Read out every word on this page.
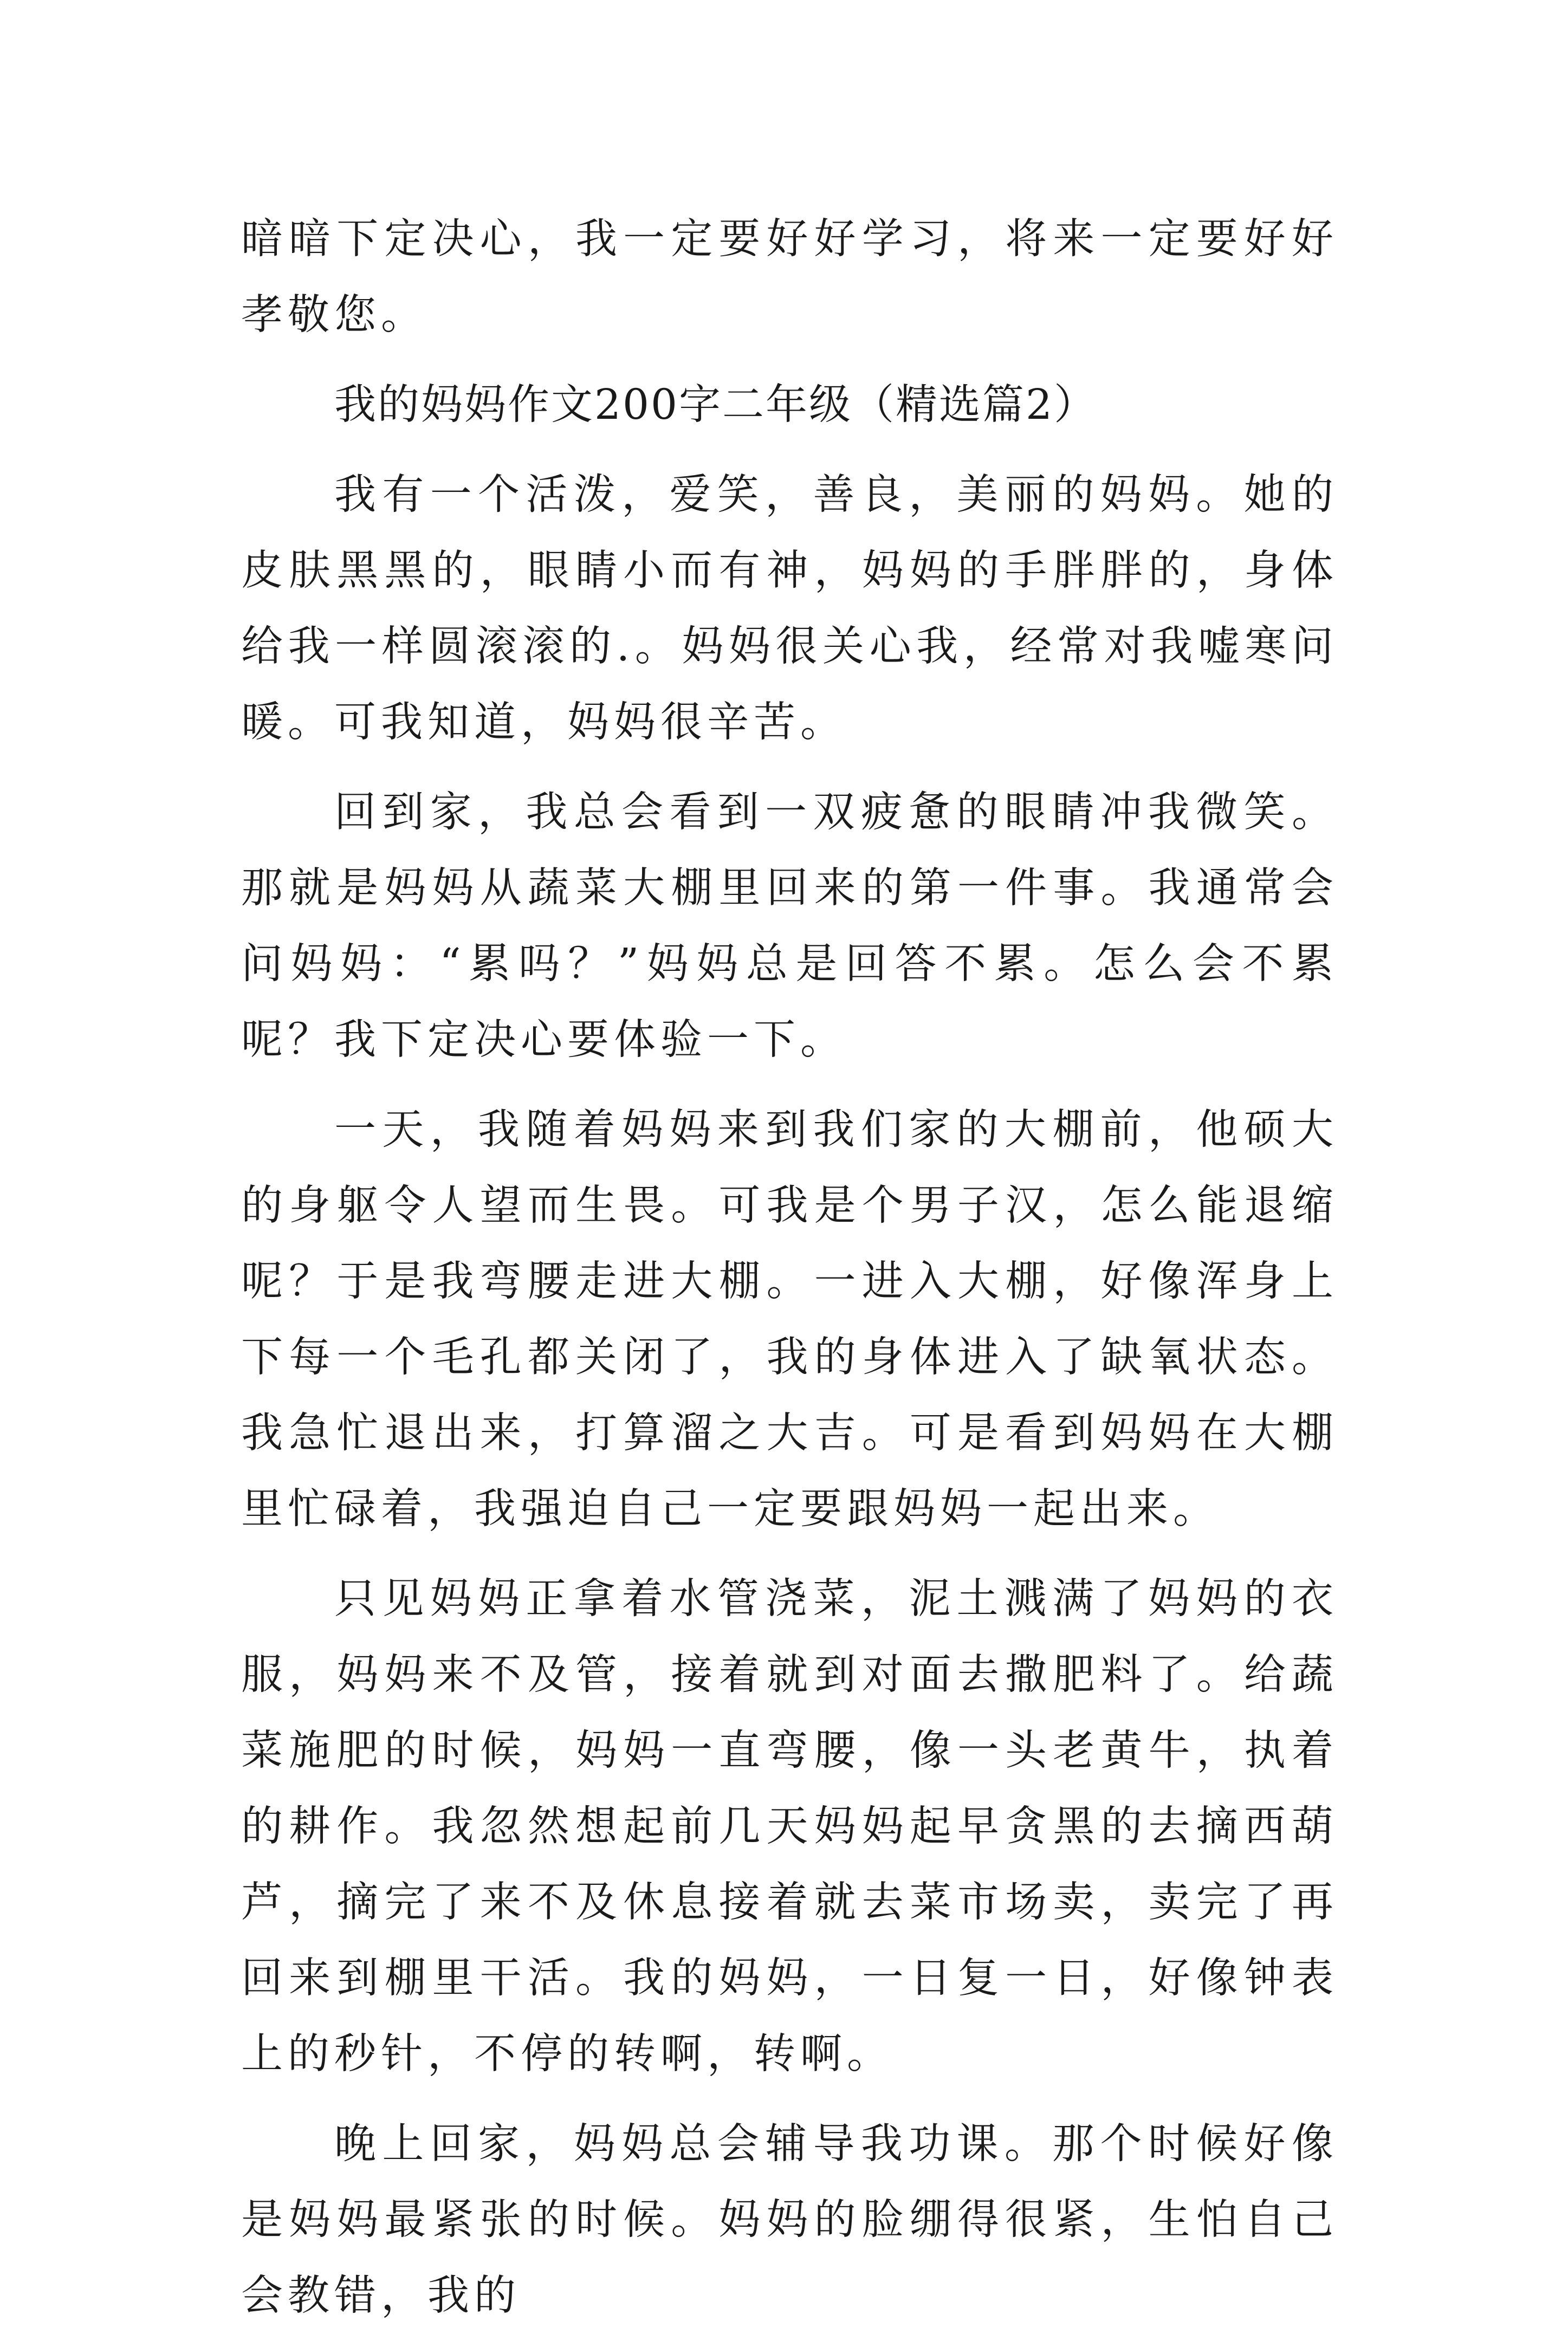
暗暗下定决心，我一定要好好学习，将来一定要好好孝敬您。

我的妈妈作文200字二年级（精选篇2）

我有一个活泼，爱笑，善良，美丽的妈妈。她的皮肤黑黑的，眼睛小而有神，妈妈的手胖胖的，身体给我一样圆滚滚的.。妈妈很关心我，经常对我嘘寒问暖。可我知道，妈妈很辛苦。

回到家，我总会看到一双疲惫的眼睛冲我微笑。那就是妈妈从蔬菜大棚里回来的第一件事。我通常会问妈妈：“累吗？”妈妈总是回答不累。怎么会不累呢？我下定决心要体验一下。

一天，我随着妈妈来到我们家的大棚前，他硕大的身躯令人望而生畏。可我是个男子汉，怎么能退缩呢？于是我弯腰走进大棚。一进入大棚，好像浑身上下每一个毛孔都关闭了，我的身体进入了缺氧状态。我急忙退出来，打算溜之大吉。可是看到妈妈在大棚里忙碌着，我强迫自己一定要跟妈妈一起出来。

只见妈妈正拿着水管浇菜，泥土溅满了妈妈的衣服，妈妈来不及管，接着就到对面去撒肥料了。给蔬菜施肥的时候，妈妈一直弯腰，像一头老黄牛，执着的耕作。我忽然想起前几天妈妈起早贪黑的去摘西葫芦，摘完了来不及休息接着就去菜市场卖，卖完了再回来到棚里干活。我的妈妈，一日复一日，好像钟表上的秒针，不停的转啊，转啊。

晚上回家，妈妈总会辅导我功课。那个时候好像是妈妈最紧张的时候。妈妈的脸绷得很紧，生怕自己会教错，我的
